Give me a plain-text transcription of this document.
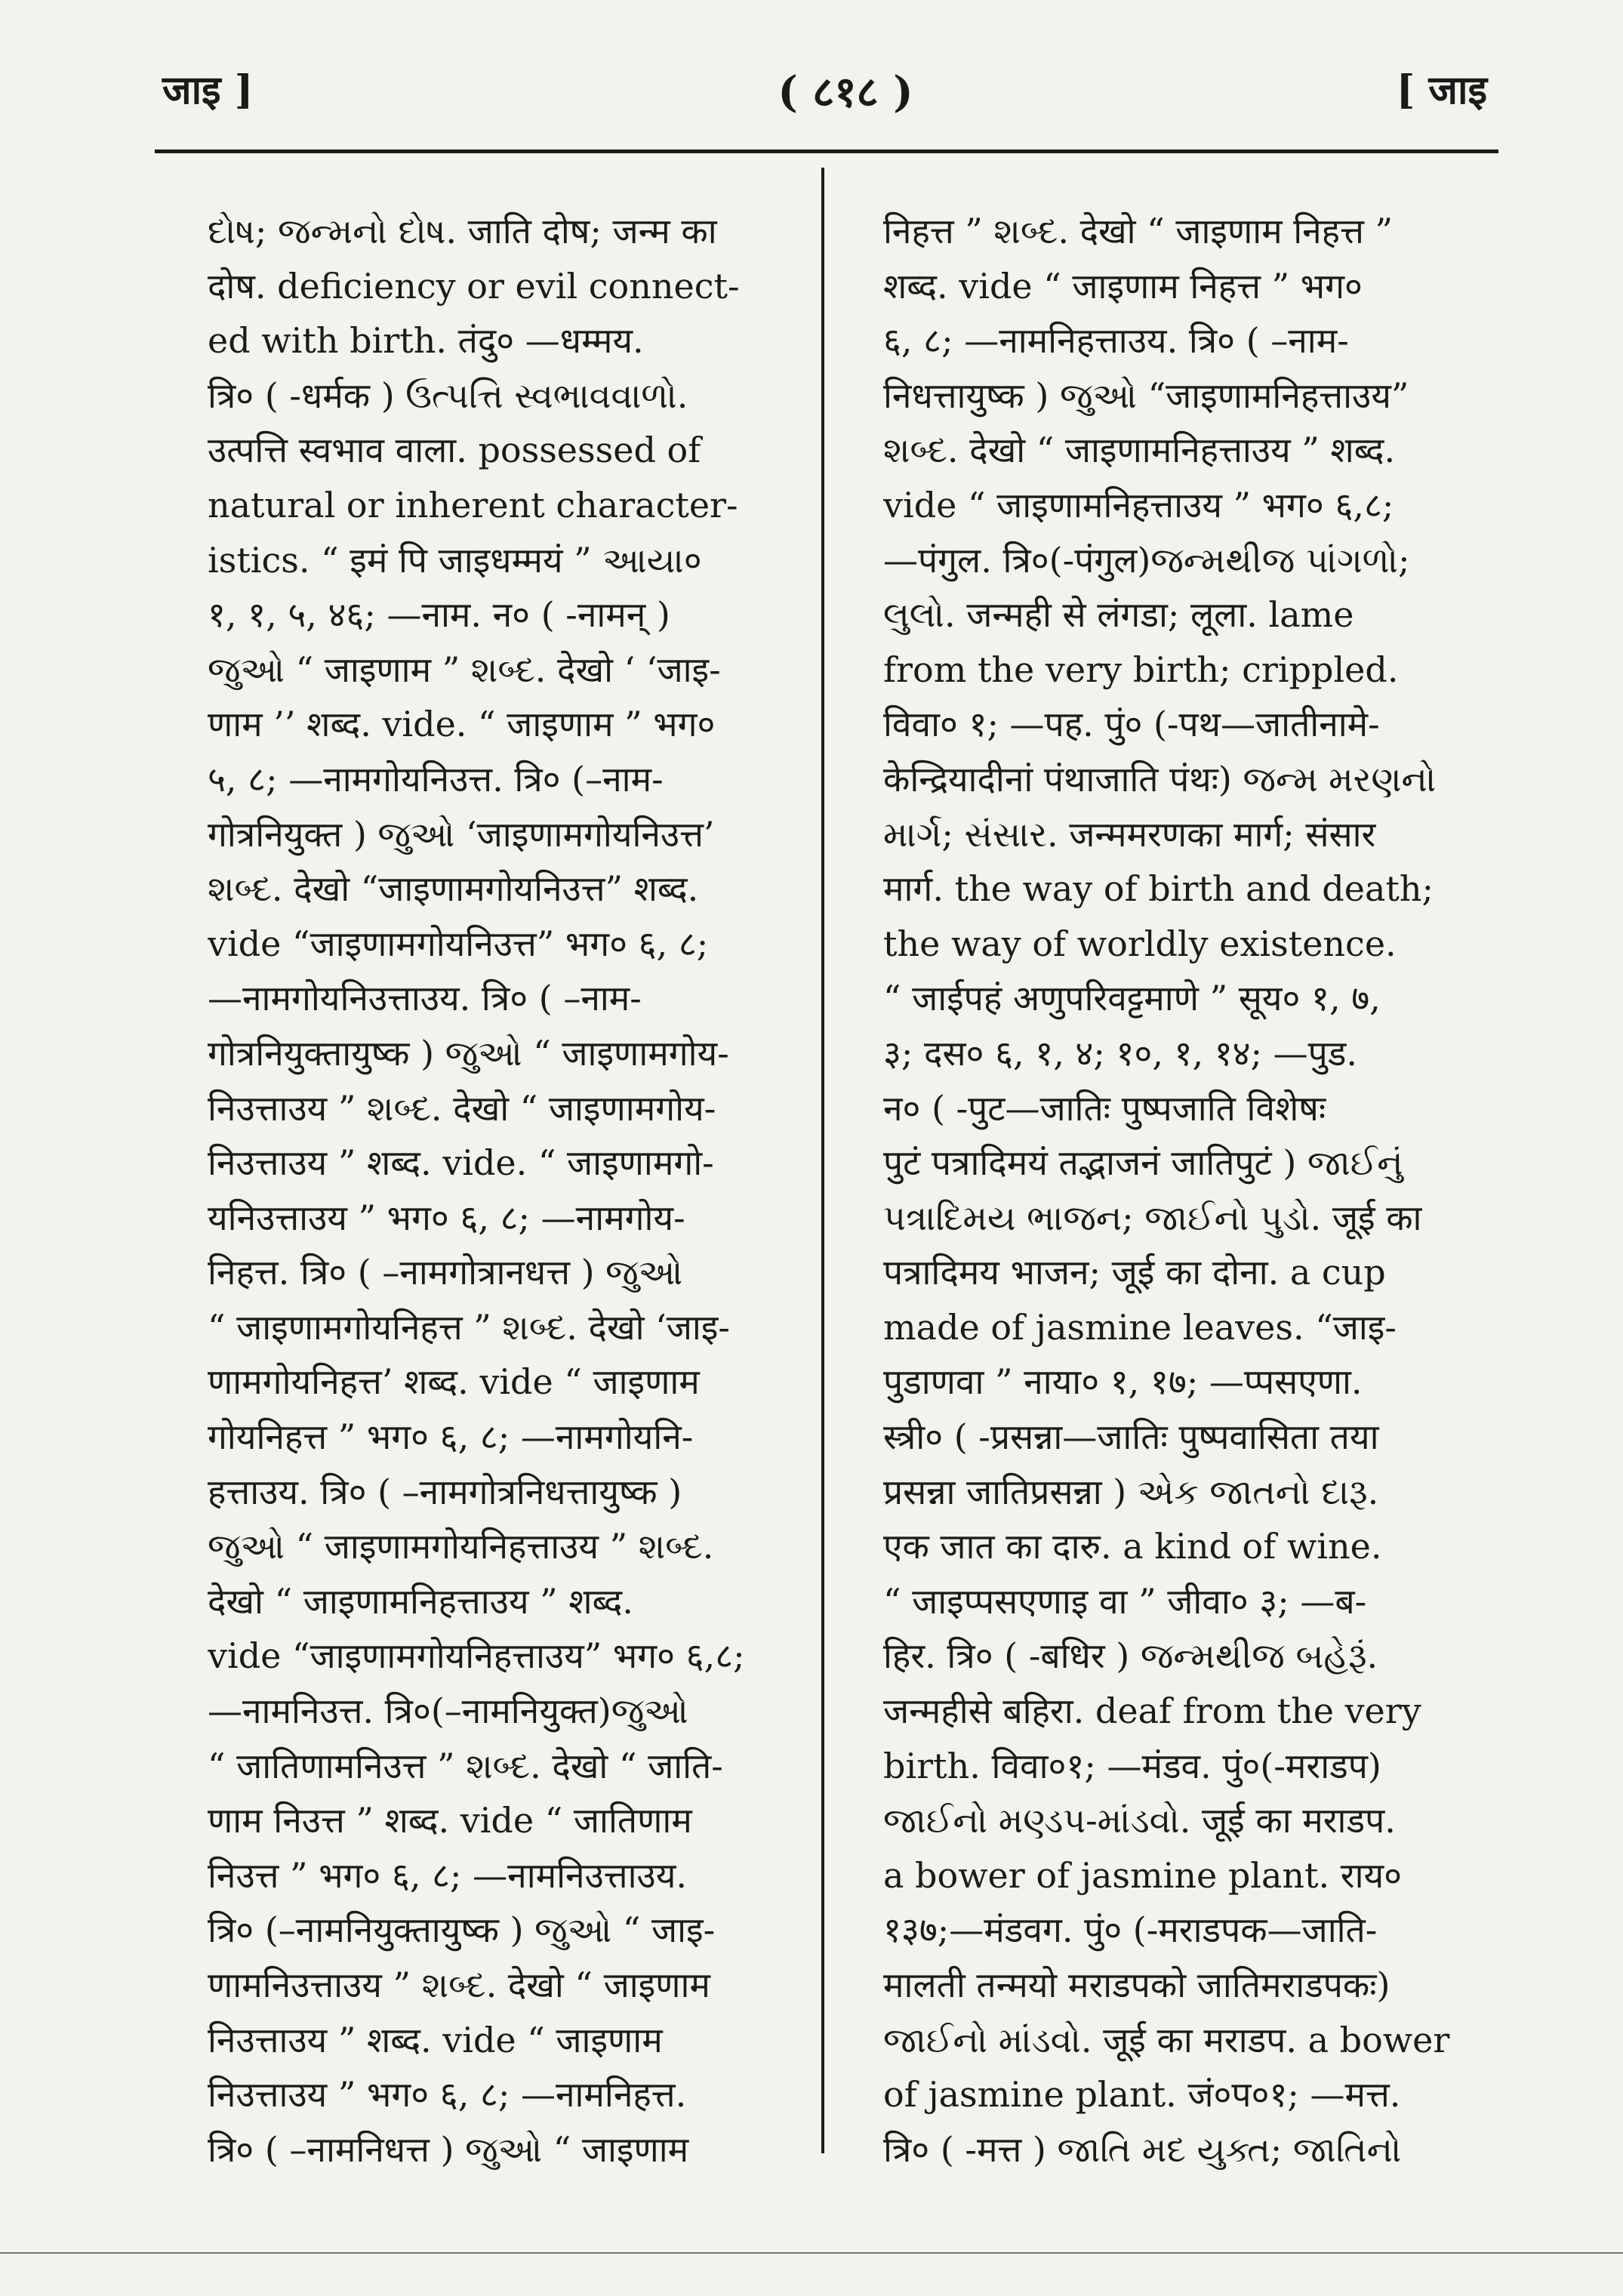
जाइ ]	( ८१८ )	[ जाइ
દોષ; જન્મનો દોષ. जाति दोष; जन्म का
दोष. deficiency or evil connect-
ed with birth. तंदु० —धम्मय.
त्रि० ( -धर्मक ) ઉત્પત્તિ સ્વભાવવાળો.
उत्पत्ति स्वभाव वाला. possessed of
natural or inherent character-
istics. “ इमं पि जाइधम्मयं ” આયા०
१, १, ५, ४६; —नाम. न० ( -नामन् )
જુઓ “ जाइणाम ” શબ્દ. देखो ‘ ‘जाइ-
णाम ’’ शब्द. vide. “ जाइणाम ” भग०
५, ८; —नामगोयनिउत्त. त्रि० (–नाम-
गोत्रनियुक्त ) જુઓ ‘जाइणामगोयनिउत्त’
શબ્દ. देखो “जाइणामगोयनिउत्त” शब्द.
vide “जाइणामगोयनिउत्त” भग० ६, ८;
—नामगोयनिउत्ताउय. त्रि० ( –नाम-
गोत्रनियुक्तायुष्क ) જુઓ “ जाइणामगोय-
निउत्ताउय ” શબ્દ. देखो “ जाइणामगोय-
निउत्ताउय ” शब्द. vide. “ जाइणामगो-
यनिउत्ताउय ” भग० ६, ८; —नामगोय-
निहत्त. त्रि० ( –नामगोत्रानधत्त ) જુઓ
“ जाइणामगोयनिहत्त ” શબ્દ. देखो ‘जाइ-
णामगोयनिहत्त’ शब्द. vide “ जाइणाम
गोयनिहत्त ” भग० ६, ८; —नामगोयनि-
हत्ताउय. त्रि० ( –नामगोत्रनिधत्तायुष्क )
જુઓ “ जाइणामगोयनिहत्ताउय ” શબ્દ.
देखो “ जाइणामनिहत्ताउय ” शब्द.
vide “जाइणामगोयनिहत्ताउय” भग० ६,८;
—नामनिउत्त. त्रि०(–नामनियुक्त)જુઓ
“ जातिणामनिउत्त ” શબ્દ. देखो “ जाति-
णाम निउत्त ” शब्द. vide “ जातिणाम
निउत्त ” भग० ६, ८; —नामनिउत्ताउय.
त्रि० (–नामनियुक्तायुष्क ) જુઓ “ जाइ-
णामनिउत्ताउय ” શબ્દ. देखो “ जाइणाम
निउत्ताउय ” शब्द. vide “ जाइणाम
निउत्ताउय ” भग० ६, ८; —नामनिहत्त.
त्रि० ( –नामनिधत्त ) જુઓ “ जाइणाम
निहत्त ” શબ્દ. देखो “ जाइणाम निहत्त ”
शब्द. vide “ जाइणाम निहत्त ” भग०
६, ८; —नामनिहत्ताउय. त्रि० ( –नाम-
निधत्तायुष्क ) જુઓ “जाइणामनिहत्ताउय”
શબ્દ. देखो “ जाइणामनिहत्ताउय ” शब्द.
vide “ जाइणामनिहत्ताउय ” भग० ६,८;
—पंगुल. त्रि०(-पंगुल)જન્મથીજ પાંગળો;
લુલો. जन्मही से लंगडा; लूला. lame
from the very birth; crippled.
विवा० १; —पह. पुं० (-पथ—जातीनामे-
केन्द्रियादीनां पंथाजाति पंथः) જન્મ મરણનો
માર્ગ; સંસાર. जन्ममरणका मार्ग; संसार
मार्ग. the way of birth and death;
the way of worldly existence.
“ जाईपहं अणुपरिवट्टमाणे ” सूय० १, ७,
३; दस० ६, १, ४; १०, १, १४; —पुड.
न० ( -पुट—जातिः पुष्पजाति विशेषः
पुटं पत्रादिमयं तद्भाजनं जातिपुटं ) જાઈનું
પત્રાદિમય ભાજન; જાઈનો પુડો. जूई का
पत्रादिमय भाजन; जूई का दोना. a cup
made of jasmine leaves. “जाइ-
पुडाणवा ” नाया० १, १७; —प्पसएणा.
स्त्री० ( -प्रसन्ना—जातिः पुष्पवासिता तया
प्रसन्ना जातिप्रसन्ना ) એક જાતનો દારૂ.
एक जात का दारु. a kind of wine.
“ जाइप्पसएणाइ वा ” जीवा० ३; —ब-
हिर. त्रि० ( -बधिर ) જન્મથીજ બહેરૂં.
जन्महीसे बहिरा. deaf from the very
birth. विवा०१; —मंडव. पुं०(-मराडप)
જાઈનો મણ્ડપ-માંડવો. जूई का मराडप.
a bower of jasmine plant. राय०
१३७;—मंडवग. पुं० (-मराडपक—जाति-
मालती तन्मयो मराडपको जातिमराडपकः)
જાઈનો માંડવો. जूई का मराडप. a bower
of jasmine plant. जं०प०१; —मत्त.
त्रि० ( -मत्त ) જાતિ મદ યુક્ત; જાતિનો
